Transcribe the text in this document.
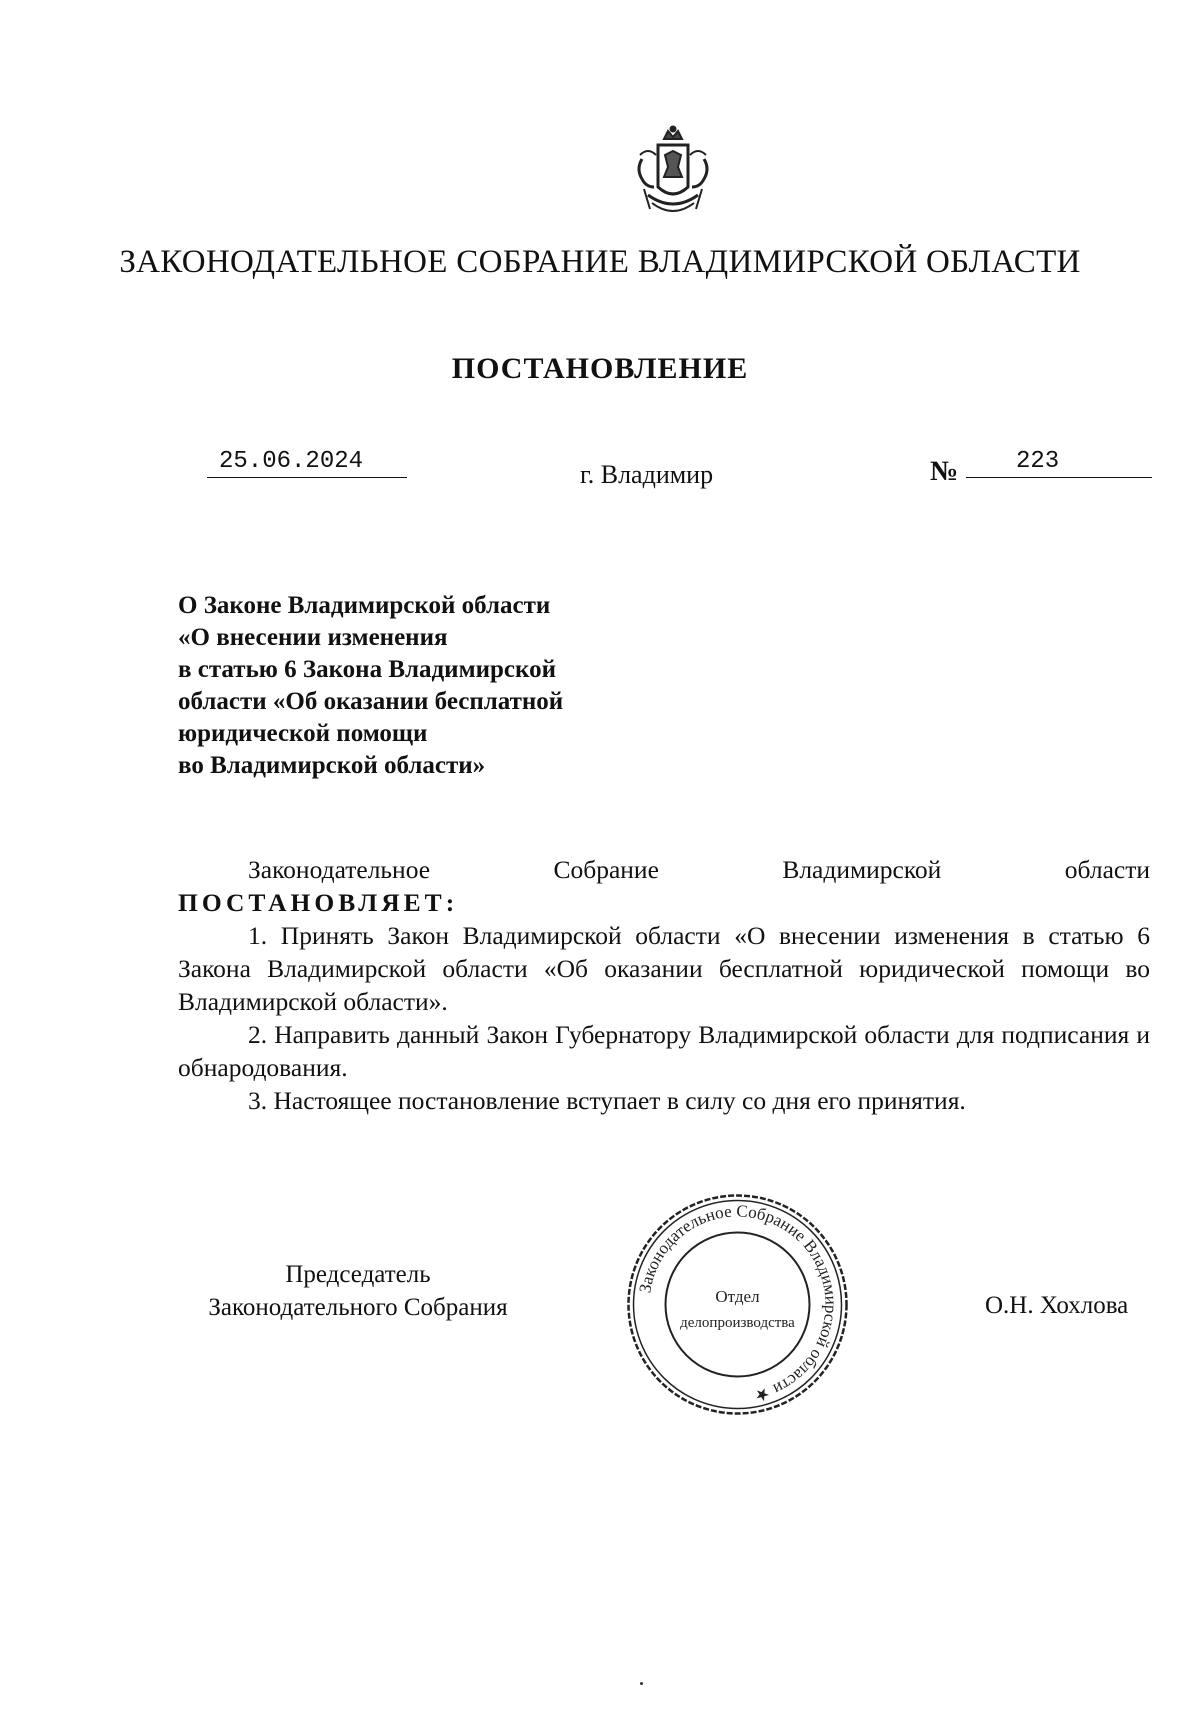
ЗАКОНОДАТЕЛЬНОЕ СОБРАНИЕ ВЛАДИМИРСКОЙ ОБЛАСТИ
ПОСТАНОВЛЕНИЕ
25.06.2024	г. Владимир	№	223
О Законе Владимирской области
«О внесении изменения
в статью 6 Закона Владимирской
области «Об оказании бесплатной
юридической помощи
во Владимирской области»

Законодательное Собрание Владимирской области

ПОСТАНОВЛЯЕТ:

1. Принять Закон Владимирской области «О внесении изменения в статью 6 Закона Владимирской области «Об оказании бесплатной юридической помощи во Владимирской области».

2. Направить данный Закон Губернатору Владимирской области для подписания и обнародования.

3. Настоящее постановление вступает в силу со дня его принятия.

Председатель
Законодательного Собрания	О.Н. Хохлова
Законодательное Собрание Владимирской области ★
Отдел
делопроизводства
